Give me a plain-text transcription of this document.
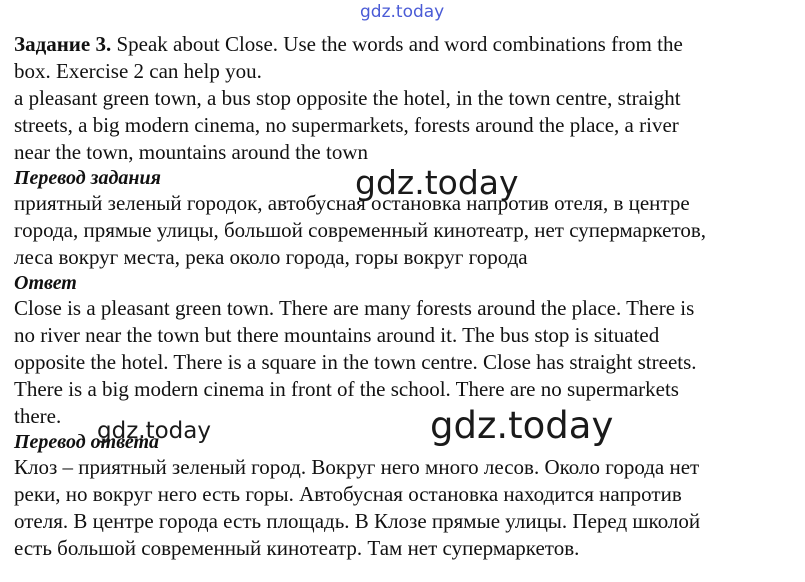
gdz.today
Задание 3. Speak about Close. Use the words and word combinations from the
box. Exercise 2 can help you.
a pleasant green town, a bus stop opposite the hotel, in the town centre, straight
streets, a big modern cinema, no supermarkets, forests around the place, a river
near the town, mountains around the town
Перевод задания
приятный зеленый городок, автобусная остановка напротив отеля, в центре
города, прямые улицы, большой современный кинотеатр, нет супермаркетов,
леса вокруг места, река около города, горы вокруг города
Ответ
Close is a pleasant green town. There are many forests around the place. There is
no river near the town but there mountains around it. The bus stop is situated
opposite the hotel. There is a square in the town centre. Close has straight streets.
There is a big modern cinema in front of the school. There are no supermarkets
there.
Перевод ответа
Клоз – приятный зеленый город. Вокруг него много лесов. Около города нет
реки, но вокруг него есть горы. Автобусная остановка находится напротив
отеля. В центре города есть площадь. В Клозе прямые улицы. Перед школой
есть большой современный кинотеатр. Там нет супермаркетов.
gdz.today
gdz.today	gdz.today
